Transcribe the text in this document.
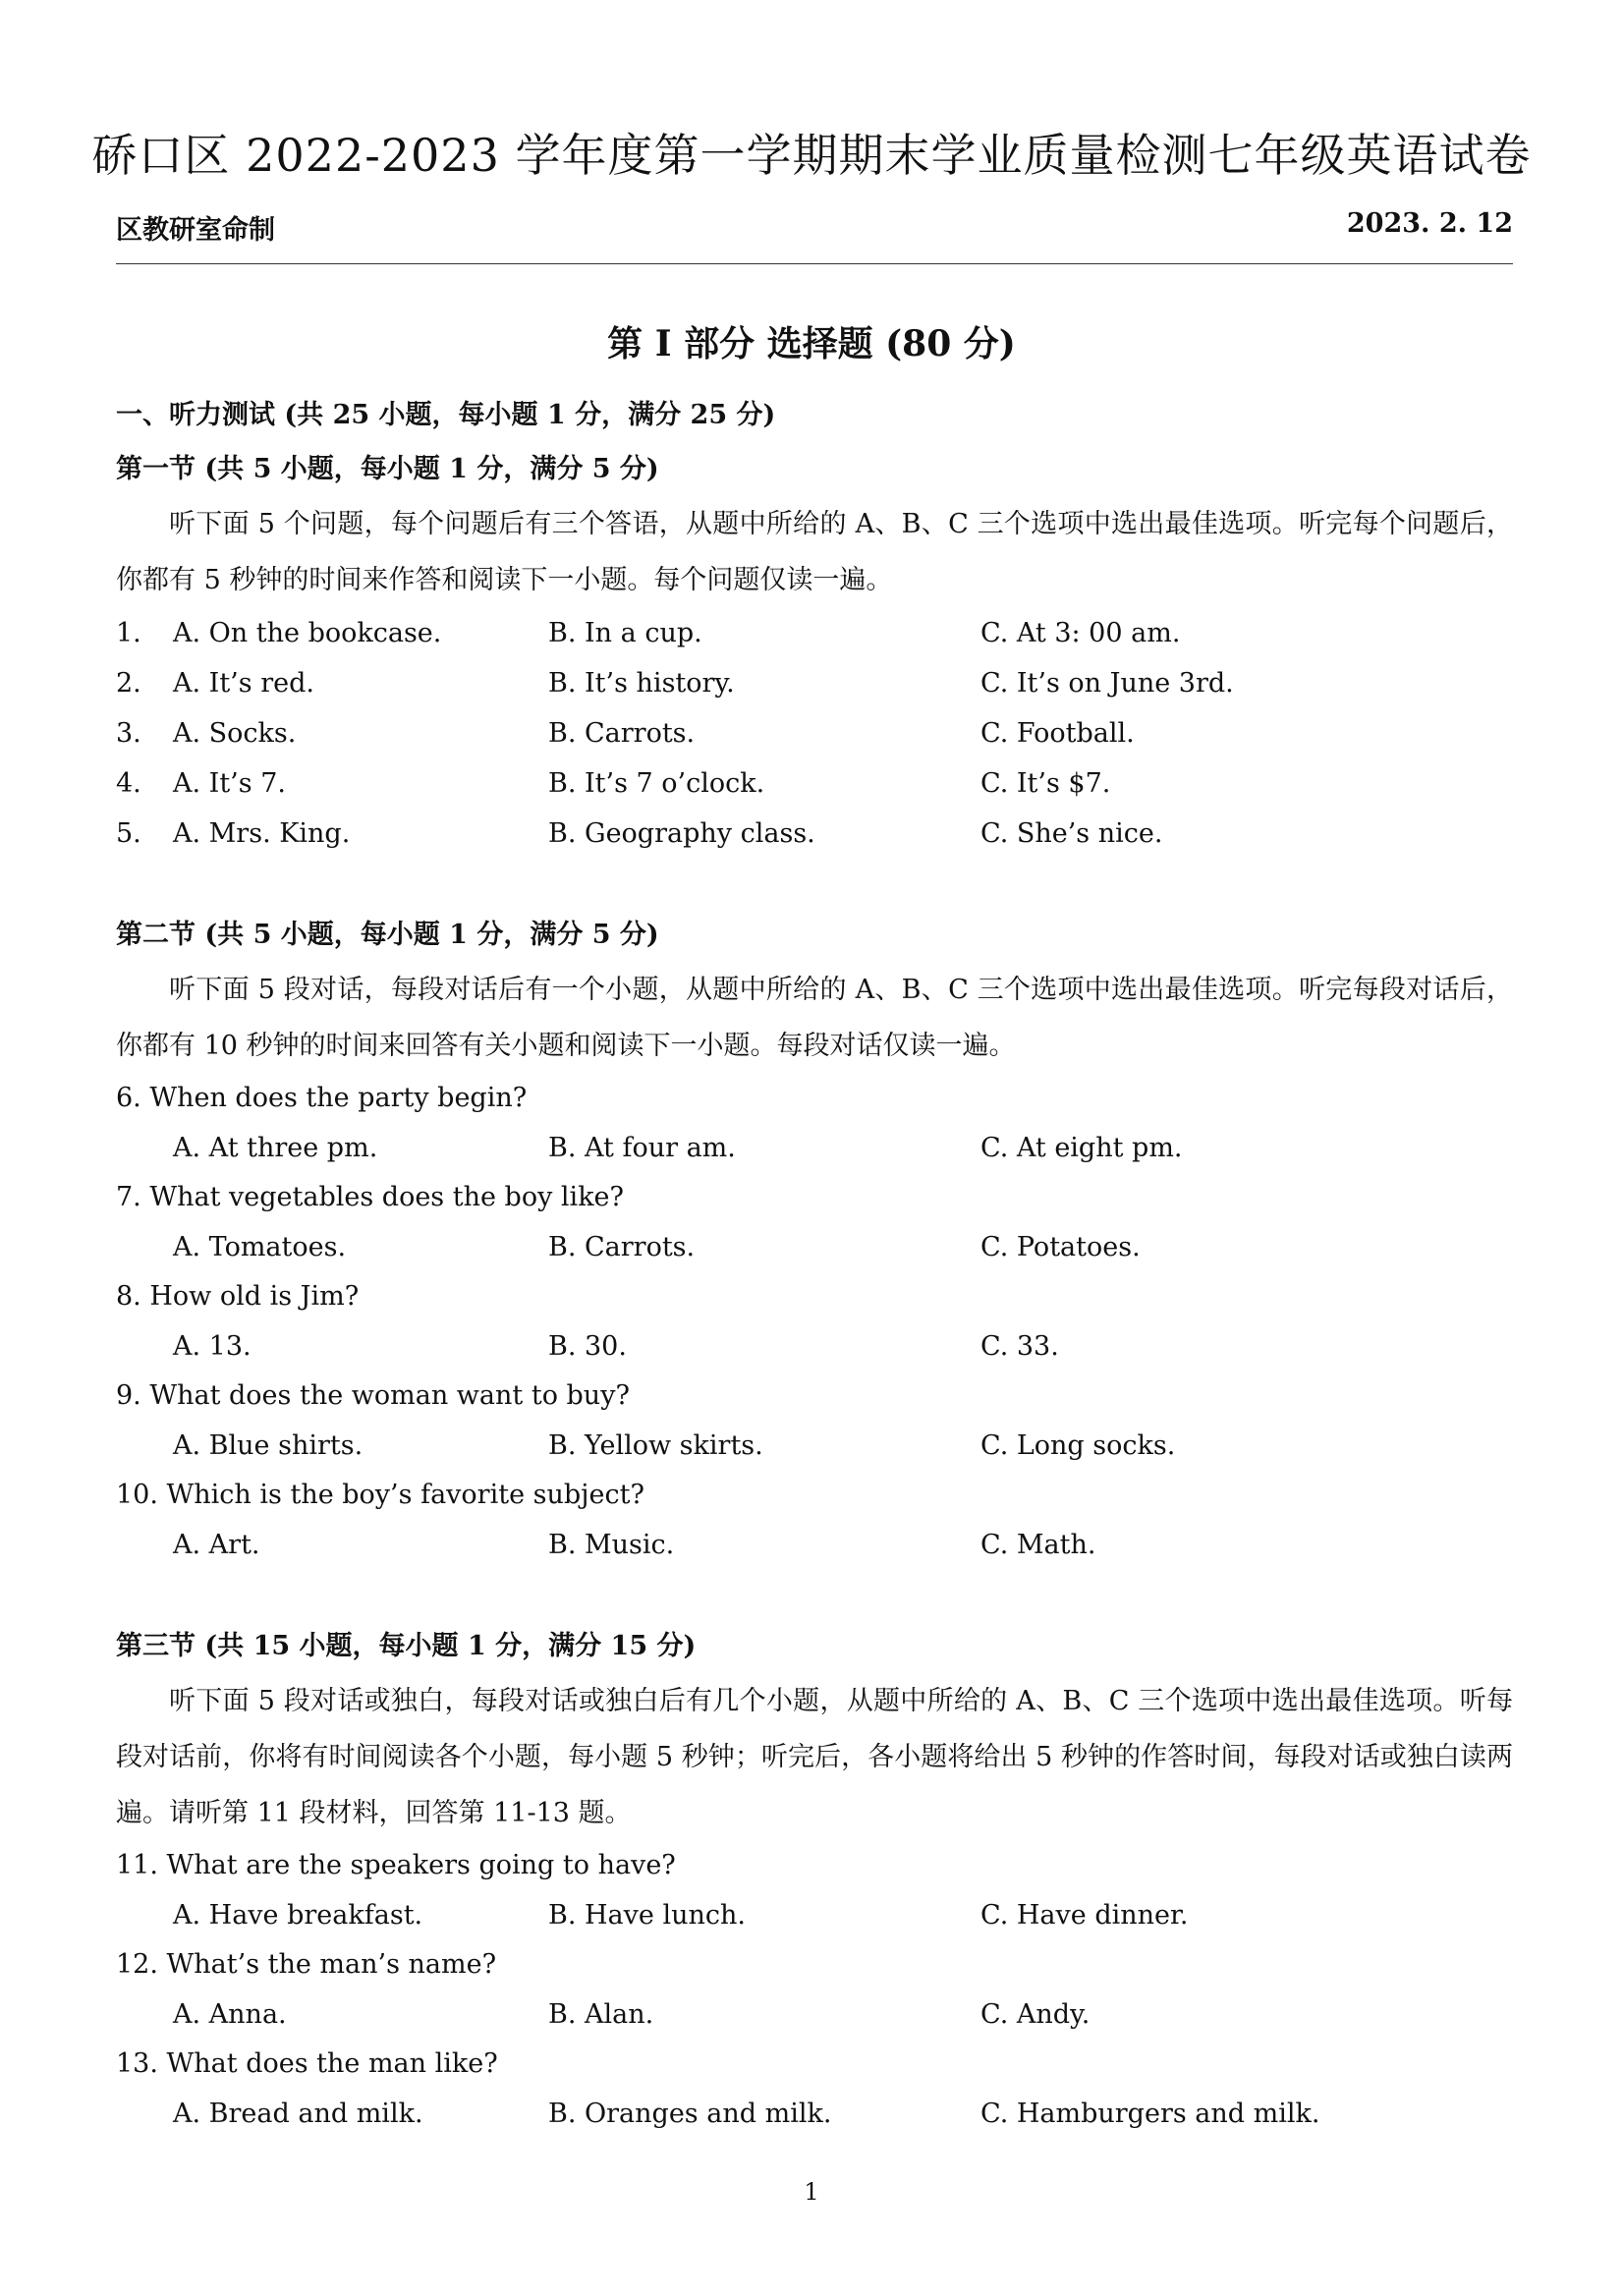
硚口区 2022-2023 学年度第一学期期末学业质量检测七年级英语试卷
区教研室命制	2023. 2. 12
第 I 部分 选择题 (80 分)
一、听力测试 (共 25 小题，每小题 1 分，满分 25 分)
第一节 (共 5 小题，每小题 1 分，满分 5 分)
听下面 5 个问题，每个问题后有三个答语，从题中所给的 A、B、C 三个选项中选出最佳选项。听完每个问题后，你都有 5 秒钟的时间来作答和阅读下一小题。每个问题仅读一遍。
1.	A. On the bookcase.	B. In a cup.	C. At 3: 00 am.
2.	A. It’s red.	B. It’s history.	C. It’s on June 3rd.
3.	A. Socks.	B. Carrots.	C. Football.
4.	A. It’s 7.	B. It’s 7 o’clock.	C. It’s $7.
5.	A. Mrs. King.	B. Geography class.	C. She’s nice.
第二节 (共 5 小题，每小题 1 分，满分 5 分)
听下面 5 段对话，每段对话后有一个小题，从题中所给的 A、B、C 三个选项中选出最佳选项。听完每段对话后，你都有 10 秒钟的时间来回答有关小题和阅读下一小题。每段对话仅读一遍。
6. When does the party begin?
A. At three pm.	B. At four am.	C. At eight pm.
7. What vegetables does the boy like?
A. Tomatoes.	B. Carrots.	C. Potatoes.
8. How old is Jim?
A. 13.	B. 30.	C. 33.
9. What does the woman want to buy?
A. Blue shirts.	B. Yellow skirts.	C. Long socks.
10. Which is the boy’s favorite subject?
A. Art.	B. Music.	C. Math.
第三节 (共 15 小题，每小题 1 分，满分 15 分)
听下面 5 段对话或独白，每段对话或独白后有几个小题，从题中所给的 A、B、C 三个选项中选出最佳选项。听每段对话前，你将有时间阅读各个小题，每小题 5 秒钟；听完后，各小题将给出 5 秒钟的作答时间，每段对话或独白读两遍。请听第 11 段材料，回答第 11-13 题。
11. What are the speakers going to have?
A. Have breakfast.	B. Have lunch.	C. Have dinner.
12. What’s the man’s name?
A. Anna.	B. Alan.	C. Andy.
13. What does the man like?
A. Bread and milk.	B. Oranges and milk.	C. Hamburgers and milk.
1
